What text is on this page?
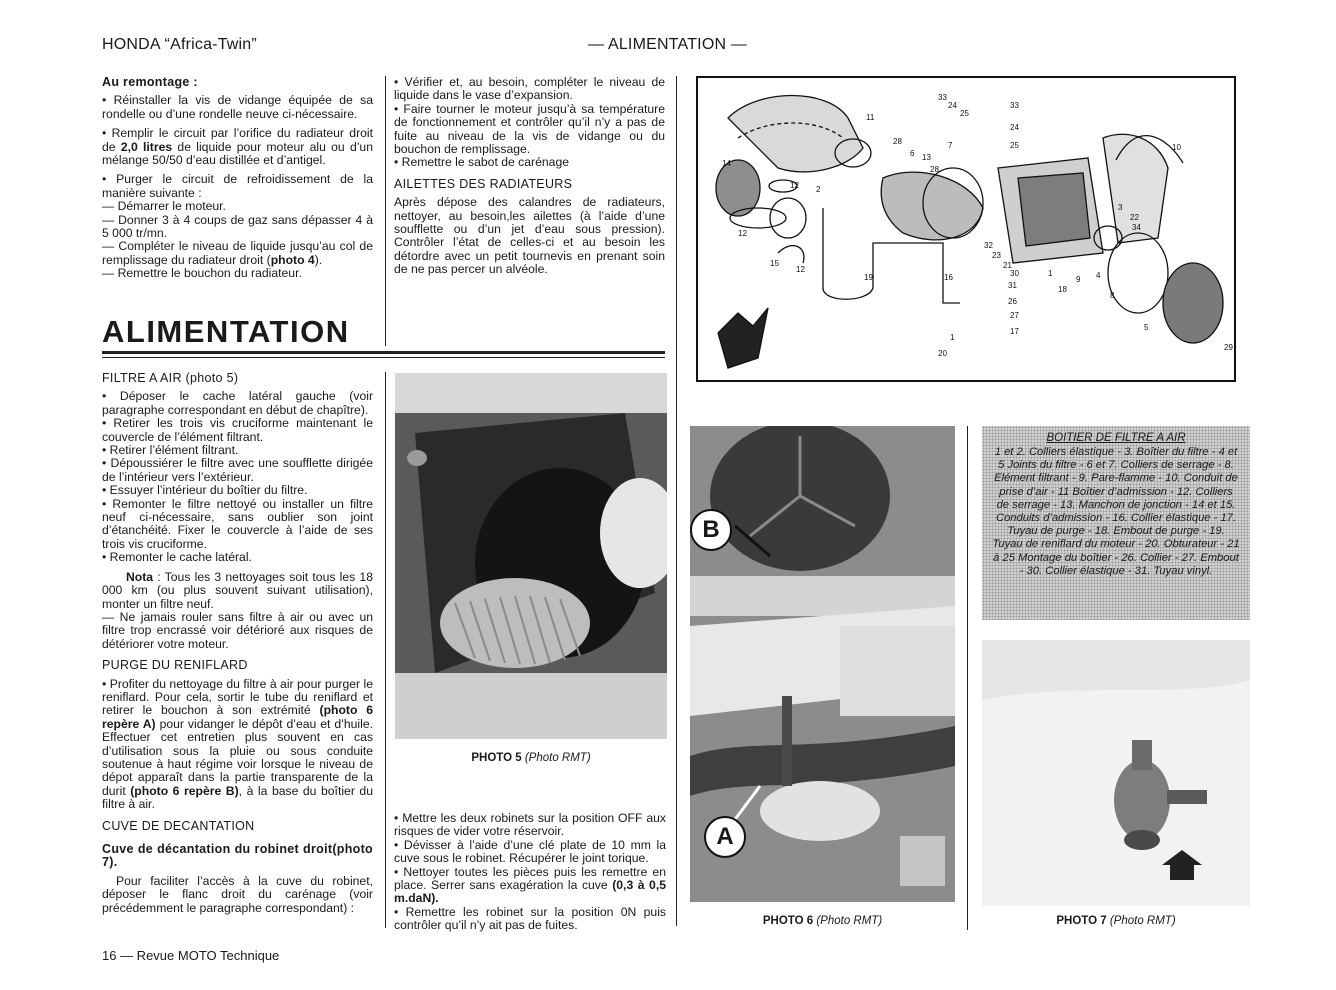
HONDA “Africa-Twin”	— ALIMENTATION —
Au remontage :

• Réinstaller la vis de vidange équipée de sa rondelle ou d’une rondelle neuve ci-nécessaire.

• Remplir le circuit par l’orifice du radiateur droit de 2,0 litres de liquide pour moteur alu ou d’un mélange 50/50 d’eau distillée et d’antigel.

• Purger le circuit de refroidissement de la manière suivante :

— Démarrer le moteur.

— Donner 3 à 4 coups de gaz sans dépasser 4 à 5 000 tr/mn.

— Compléter le niveau de liquide jusqu’au col de remplissage du radiateur droit (photo 4).

— Remettre le bouchon du radiateur.

• Vérifier et, au besoin, compléter le niveau de liquide dans le vase d’expansion.

• Faire tourner le moteur jusqu’à sa température de fonctionnement et contrôler qu’il n’y a pas de fuite au niveau de la vis de vidange ou du bouchon de remplissage.

• Remettre le sabot de carénage

AILETTES DES RADIATEURS

Après dépose des calandres de radiateurs, nettoyer, au besoin,les ailettes (à l’aide d’une soufflette ou d’un jet d’eau sous pression). Contrôler l’état de celles-ci et au besoin les détordre avec un petit tournevis en prenant soin de ne pas percer un alvéole.

ALIMENTATION
FILTRE A AIR (photo 5)

• Déposer le cache latéral gauche (voir paragraphe correspondant en début de chapître).

• Retirer les trois vis cruciforme maintenant le couvercle de l’élément filtrant.

• Retirer l’élément filtrant.

• Dépoussiérer le filtre avec une soufflette dirigée de l’intérieur vers l’extérieur.

• Essuyer l’intérieur du boîtier du filtre.

• Remonter le filtre nettoyé ou installer un filtre neuf ci-nécessaire, sans oublier son joint d’étanchéité. Fixer le couvercle à l’aide de ses trois vis cruciforme.

• Remonter le cache latéral.

Nota : Tous les 3 nettoyages soit tous les 18 000 km (ou plus souvent suivant utilisation), monter un filtre neuf.

— Ne jamais rouler sans filtre à air ou avec un filtre trop encrassé voir détérioré aux risques de détériorer votre moteur.

PURGE DU RENIFLARD

• Profiter du nettoyage du filtre à air pour purger le reniflard. Pour cela, sortir le tube du reniflard et retirer le bouchon à son extrémité (photo 6 repère A) pour vidanger le dépôt d’eau et d’huile. Effectuer cet entretien plus souvent en cas d’utilisation sous la pluie ou sous conduite soutenue à haut régime voir lorsque le niveau de dépot apparaît dans la partie transparente de la durit (photo 6 repère B), à la base du boîtier du filtre à air.

CUVE DE DECANTATION
Cuve de décantation du robinet droit(photo 7).

Pour faciliter l’accès à la cuve du robinet, déposer le flanc droit du carénage (voir précédemment le paragraphe correspondant) :

PHOTO 5 (Photo RMT)

• Mettre les deux robinets sur la position OFF aux risques de vider votre réservoir.

• Dévisser à l’aide d’une clé plate de 10 mm la cuve sous le robinet. Récupérer le joint torique.

• Nettoyer toutes les pièces puis les remettre en place. Serrer sans exagération la cuve (0,3 à 0,5 m.daN).

• Remettre les robinet sur la position 0N puis contrôler qu’il n’y ait pas de fuites.

11
33
24
25
33
24
25	10
14
28
6 13
28
7
12 2
3
22
34
12
32
23
21
30	1
15
12
19	16
31	18
26
27
17
9 4
8
5
1
20
29
B
A
PHOTO 6 (Photo RMT)
BOITIER DE FILTRE A AIR
1 et 2. Colliers élastique - 3. Boîtier du filtre - 4 et 5 Joints du filtre - 6 et 7. Colliers de serrage - 8. Elément filtrant - 9. Pare-flamme - 10. Conduit de prise d’air - 11 Boîtier d’admission - 12. Colliers de serrage - 13. Manchon de jonction - 14 et 15. Conduits d’admission - 16. Collier élastique - 17. Tuyau de purge - 18. Embout de purge - 19. Tuyau de reniflard du moteur - 20. Obturateur - 21 à 25 Montage du boîtier - 26. Collier - 27. Embout - 30. Collier élastique - 31. Tuyau vinyl.
PHOTO 7 (Photo RMT)
16 — Revue MOTO Technique
